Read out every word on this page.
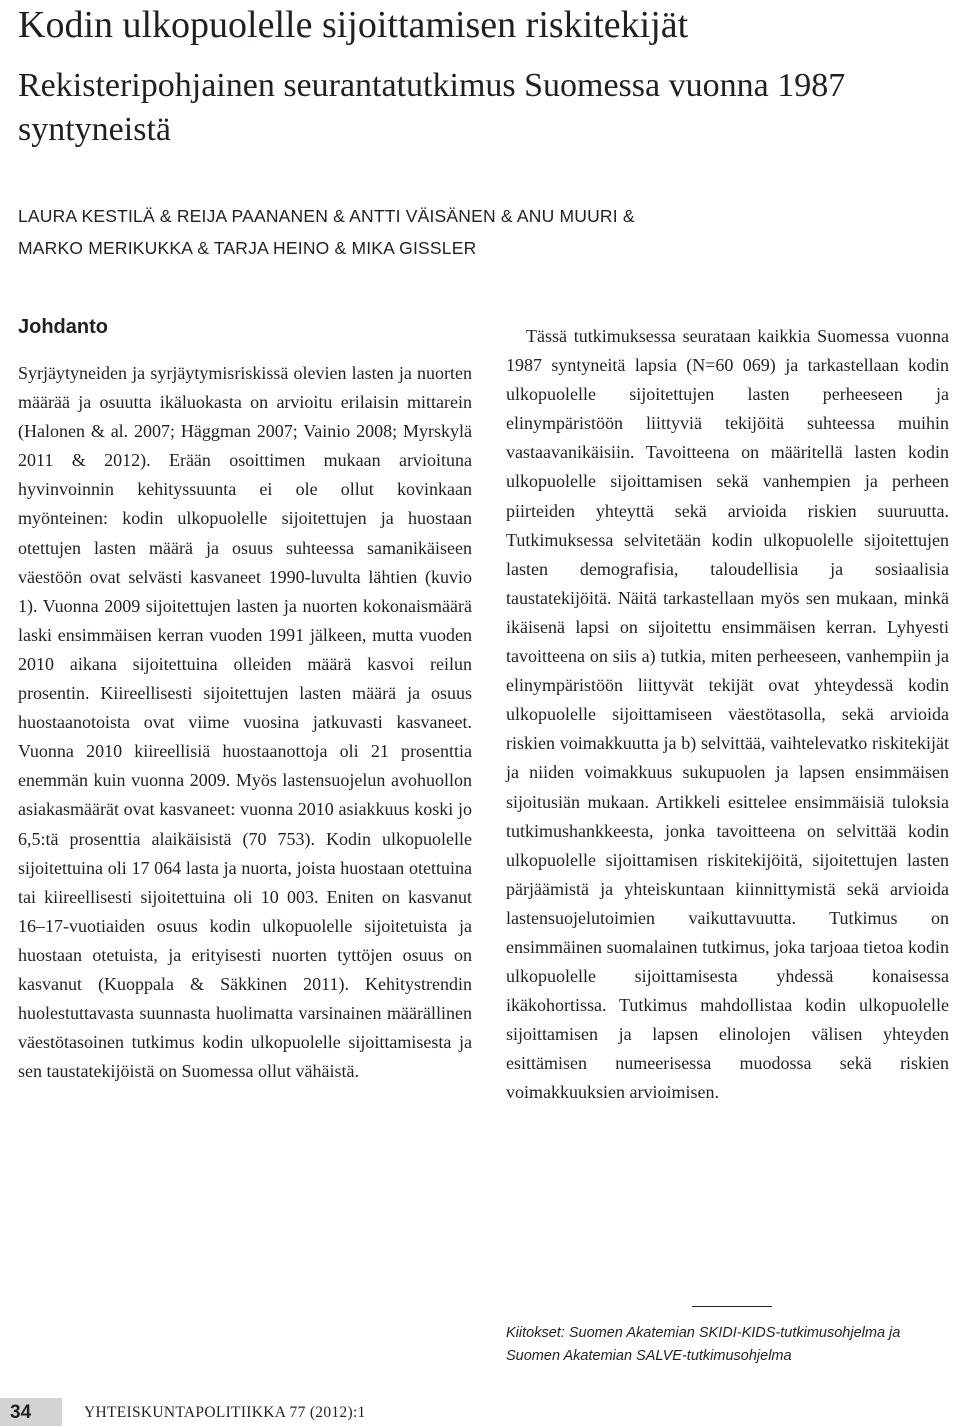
Kodin ulkopuolelle sijoittamisen riskitekijät
Rekisteripohjainen seurantatutkimus Suomessa vuonna 1987 syntyneistä
LAURA KESTILÄ & REIJA PAANANEN & ANTTI VÄISÄNEN & ANU MUURI &
MARKO MERIKUKKA & TARJA HEINO & MIKA GISSLER
Johdanto

Syrjäytyneiden ja syrjäytymisriskissä olevien lasten ja nuorten määrää ja osuutta ikäluokasta on arvioitu erilaisin mittarein (Halonen & al. 2007; Häggman 2007; Vainio 2008; Myrskylä 2011 & 2012). Erään osoittimen mukaan arvioituna hyvinvoinnin kehityssuunta ei ole ollut kovinkaan myönteinen: kodin ulkopuolelle sijoitettujen ja huostaan otettujen lasten määrä ja osuus suhteessa samanikäiseen väestöön ovat selvästi kasvaneet 1990-luvulta lähtien (kuvio 1). Vuonna 2009 sijoitettujen lasten ja nuorten kokonaismäärä laski ensimmäisen kerran vuoden 1991 jälkeen, mutta vuoden 2010 aikana sijoitettuina olleiden määrä kasvoi reilun prosentin. Kiireellisesti sijoitettujen lasten määrä ja osuus huostaanotoista ovat viime vuosina jatkuvasti kasvaneet. Vuonna 2010 kiireellisiä huostaanottoja oli 21 prosenttia enemmän kuin vuonna 2009. Myös lastensuojelun avohuollon asiakasmäärät ovat kasvaneet: vuonna 2010 asiakkuus koski jo 6,5:tä prosenttia alaikäisistä (70 753). Kodin ulkopuolelle sijoitettuina oli 17 064 lasta ja nuorta, joista huostaan otettuina tai kiireellisesti sijoitettuina oli 10 003. Eniten on kasvanut 16–17-vuotiaiden osuus kodin ulkopuolelle sijoitetuista ja huostaan otetuista, ja erityisesti nuorten tyttöjen osuus on kasvanut (Kuoppala & Säkkinen 2011). Kehitystrendin huolestuttavasta suunnasta huolimatta varsinainen määrällinen väestötasoinen tutkimus kodin ulkopuolelle sijoittamisesta ja sen taustatekijöistä on Suomessa ollut vähäistä.

Tässä tutkimuksessa seurataan kaikkia Suomessa vuonna 1987 syntyneitä lapsia (N=60 069) ja tarkastellaan kodin ulkopuolelle sijoitettujen lasten perheeseen ja elinympäristöön liittyviä tekijöitä suhteessa muihin vastaavanikäisiin. Tavoitteena on määritellä lasten kodin ulkopuolelle sijoittamisen sekä vanhempien ja perheen piirteiden yhteyttä sekä arvioida riskien suuruutta. Tutkimuksessa selvitetään kodin ulkopuolelle sijoitettujen lasten demografisia, taloudellisia ja sosiaalisia taustatekijöitä. Näitä tarkastellaan myös sen mukaan, minkä ikäisenä lapsi on sijoitettu ensimmäisen kerran. Lyhyesti tavoitteena on siis a) tutkia, miten perheeseen, vanhempiin ja elinympäristöön liittyvät tekijät ovat yhteydessä kodin ulkopuolelle sijoittamiseen väestötasolla, sekä arvioida riskien voimakkuutta ja b) selvittää, vaihtelevatko riskitekijät ja niiden voimakkuus sukupuolen ja lapsen ensimmäisen sijoitusiän mukaan. Artikkeli esittelee ensimmäisiä tuloksia tutkimushankkeesta, jonka tavoitteena on selvittää kodin ulkopuolelle sijoittamisen riskitekijöitä, sijoitettujen lasten pärjäämistä ja yhteiskuntaan kiinnittymistä sekä arvioida lastensuojelutoimien vaikuttavuutta. Tutkimus on ensimmäinen suomalainen tutkimus, joka tarjoaa tietoa kodin ulkopuolelle sijoittamisesta yhdessä konaisessa ikäkohortissa. Tutkimus mahdollistaa kodin ulkopuolelle sijoittamisen ja lapsen elinolojen välisen yhteyden esittämisen numeerisessa muodossa sekä riskien voimakkuuksien arvioimisen.

Kiitokset: Suomen Akatemian SKIDI-KIDS-tutkimusohjelma ja Suomen Akatemian SALVE-tutkimusohjelma

34	YHTEISKUNTAPOLITIIKKA 77 (2012):1
